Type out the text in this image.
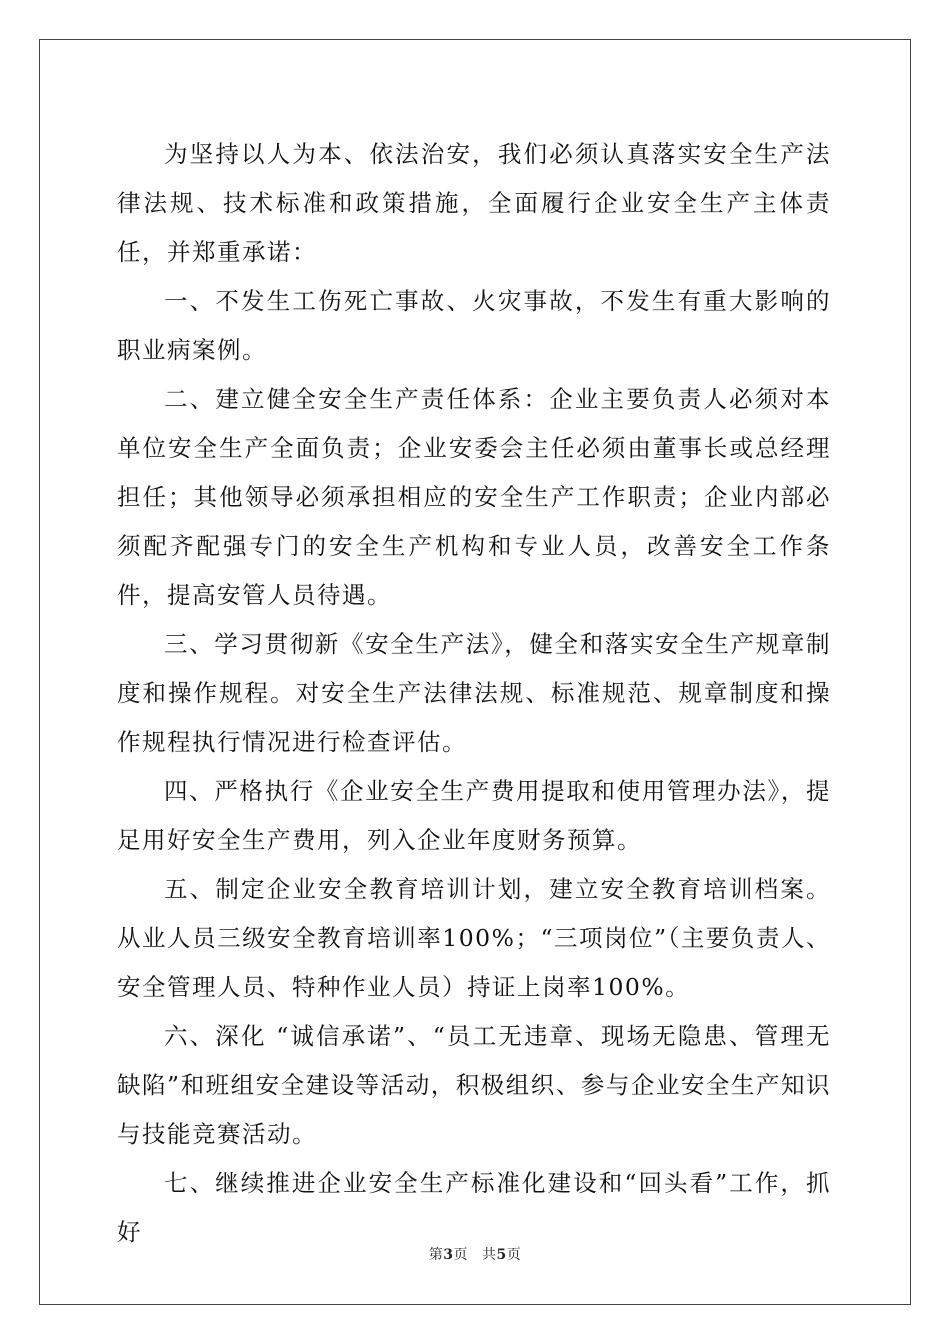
为坚持以人为本、依法治安，我们必须认真落实安全生产法律法规、技术标准和政策措施，全面履行企业安全生产主体责任，并郑重承诺：

一、不发生工伤死亡事故、火灾事故，不发生有重大影响的职业病案例。

二、建立健全安全生产责任体系：企业主要负责人必须对本单位安全生产全面负责；企业安委会主任必须由董事长或总经理担任；其他领导必须承担相应的安全生产工作职责；企业内部必须配齐配强专门的安全生产机构和专业人员，改善安全工作条件，提高安管人员待遇。

三、学习贯彻新《安全生产法》，健全和落实安全生产规章制度和操作规程。对安全生产法律法规、标准规范、规章制度和操作规程执行情况进行检查评估。

四、严格执行《企业安全生产费用提取和使用管理办法》，提足用好安全生产费用，列入企业年度财务预算。

五、制定企业安全教育培训计划，建立安全教育培训档案。从业人员三级安全教育培训率100%；“三项岗位”（主要负责人、安全管理人员、特种作业人员）持证上岗率100%。

六、深化 “诚信承诺”、“员工无违章、现场无隐患、管理无缺陷”和班组安全建设等活动，积极组织、参与企业安全生产知识与技能竞赛活动。

七、继续推进企业安全生产标准化建设和“回头看”工作，抓好

第3页 共5页
